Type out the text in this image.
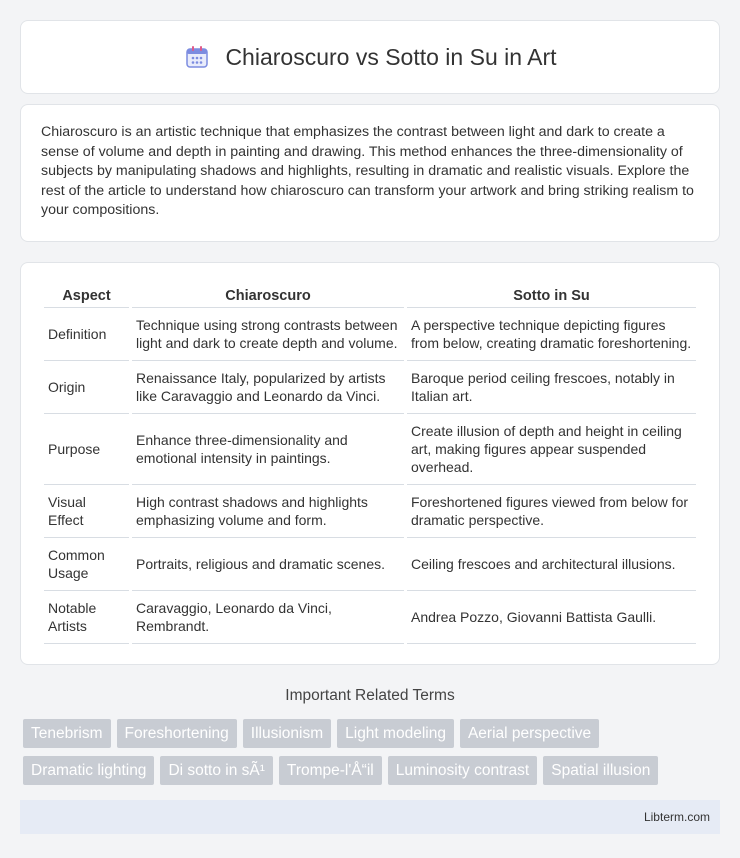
Chiaroscuro vs Sotto in Su in Art

Chiaroscuro is an artistic technique that emphasizes the contrast between light and dark to create a sense of volume and depth in painting and drawing. This method enhances the three-dimensionality of subjects by manipulating shadows and highlights, resulting in dramatic and realistic visuals. Explore the rest of the article to understand how chiaroscuro can transform your artwork and bring striking realism to your compositions.

Aspect	Chiaroscuro	Sotto in Su
Definition	Technique using strong contrasts between light and dark to create depth and volume.	A perspective technique depicting figures from below, creating dramatic foreshortening.
Origin	Renaissance Italy, popularized by artists like Caravaggio and Leonardo da Vinci.	Baroque period ceiling frescoes, notably in Italian art.
Purpose	Enhance three-dimensionality and emotional intensity in paintings.	Create illusion of depth and height in ceiling art, making figures appear suspended overhead.
Visual Effect	High contrast shadows and highlights emphasizing volume and form.	Foreshortened figures viewed from below for dramatic perspective.
Common Usage	Portraits, religious and dramatic scenes.	Ceiling frescoes and architectural illusions.
Notable Artists	Caravaggio, Leonardo da Vinci, Rembrandt.	Andrea Pozzo, Giovanni Battista Gaulli.
Important Related Terms
Tenebrism	Foreshortening	Illusionism	Light modeling	Aerial perspective
Dramatic lighting	Di sotto in sÃ¹	Trompe-l'Å“il	Luminosity contrast	Spatial illusion
Libterm.com
